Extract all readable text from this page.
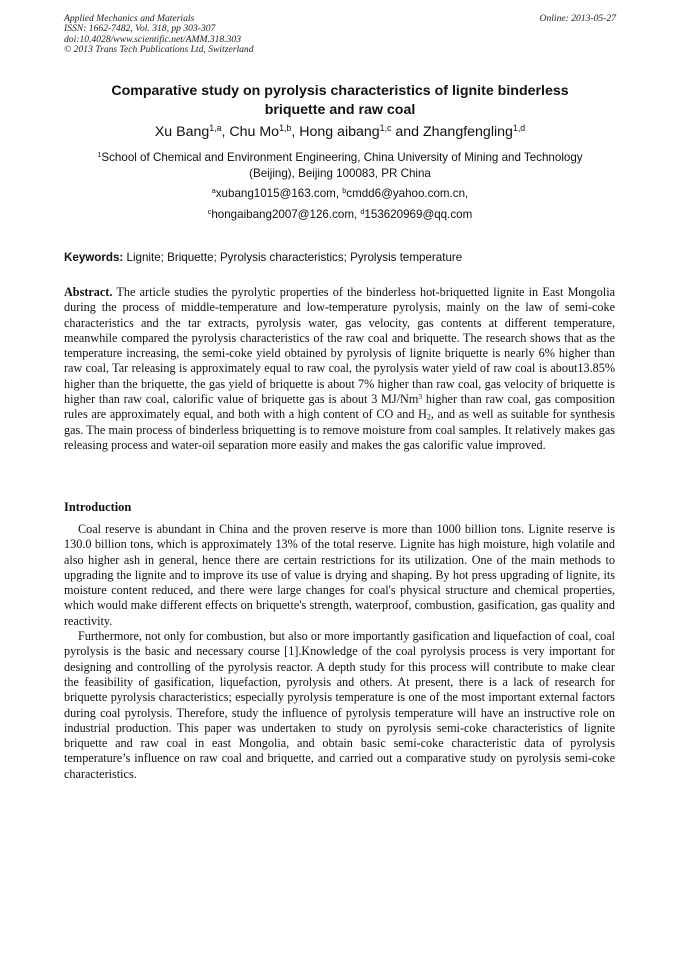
Applied Mechanics and Materials
ISSN: 1662-7482, Vol. 318, pp 303-307
doi:10.4028/www.scientific.net/AMM.318.303
© 2013 Trans Tech Publications Ltd, Switzerland
Online: 2013-05-27
Comparative study on pyrolysis characteristics of lignite binderless
briquette and raw coal
Xu Bang$^{1,a}$, Chu Mo$^{1,b}$, Hong aibang$^{1,c}$ and Zhangfengling$^{1,d}$
$^1$School of Chemical and Environment Engineering, China University of Mining and Technology
(Beijing), Beijing 100083, PR China
$^a$xubang1015@163.com, $^b$cmdd6@yahoo.com.cn,
$^c$hongaibang2007@126.com, $^d$153620969@qq.com
Keywords: Lignite; Briquette; Pyrolysis characteristics; Pyrolysis temperature
Abstract. The article studies the pyrolytic properties of the binderless hot-briquetted lignite in East Mongolia during the process of middle-temperature and low-temperature pyrolysis, mainly on the law of semi-coke characteristics and the tar extracts, pyrolysis water, gas velocity, gas contents at different temperature, meanwhile compared the pyrolysis characteristics of the raw coal and briquette. The research shows that as the temperature increasing, the semi-coke yield obtained by pyrolysis of lignite briquette is nearly 6% higher than raw coal, Tar releasing is approximately equal to raw coal, the pyrolysis water yield of raw coal is about13.85% higher than the briquette, the gas yield of briquette is about 7% higher than raw coal, gas velocity of briquette is higher than raw coal, calorific value of briquette gas is about 3 MJ/Nm$^3$ higher than raw coal, gas composition rules are approximately equal, and both with a high content of CO and $H_2$, and as well as suitable for synthesis gas. The main process of binderless briquetting is to remove moisture from coal samples. It relatively makes gas releasing process and water-oil separation more easily and makes the gas calorific value improved.
Introduction

Coal reserve is abundant in China and the proven reserve is more than 1000 billion tons. Lignite reserve is 130.0 billion tons, which is approximately 13% of the total reserve. Lignite has high moisture, high volatile and also higher ash in general, hence there are certain restrictions for its utilization. One of the main methods to upgrading the lignite and to improve its use of value is drying and shaping. By hot press upgrading of lignite, its moisture content reduced, and there were large changes for coal's physical structure and chemical properties, which would make different effects on briquette's strength, waterproof, combustion, gasification, gas quality and reactivity.

Furthermore, not only for combustion, but also or more importantly gasification and liquefaction of coal, coal pyrolysis is the basic and necessary course [1].Knowledge of the coal pyrolysis process is very important for designing and controlling of the pyrolysis reactor. A depth study for this process will contribute to make clear the feasibility of gasification, liquefaction, pyrolysis and others. At present, there is a lack of research for briquette pyrolysis characteristics; especially pyrolysis temperature is one of the most important external factors during coal pyrolysis. Therefore, study the influence of pyrolysis temperature will have an instructive role on industrial production. This paper was undertaken to study on pyrolysis semi-coke characteristics of lignite briquette and raw coal in east Mongolia, and obtain basic semi-coke characteristic data of pyrolysis temperature’s influence on raw coal and briquette, and carried out a comparative study on pyrolysis semi-coke characteristics.
